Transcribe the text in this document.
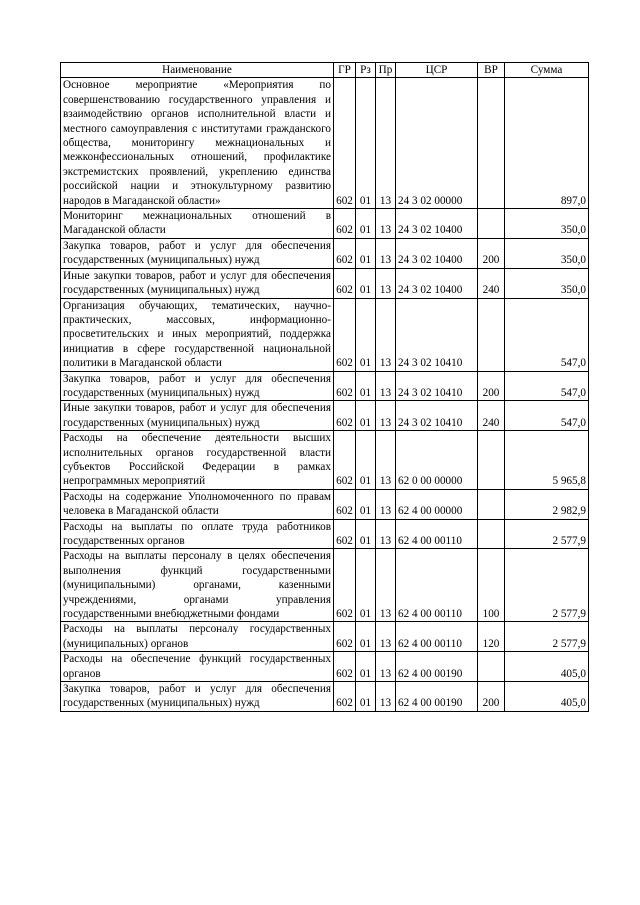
Наименование	ГР	Рз	Пр	ЦСР	ВР	Сумма
Основное мероприятие «Мероприятия по совершенствованию государственного управления и взаимодействию органов исполнительной власти и местного самоуправления с институтами гражданского общества, мониторингу межнациональных и межконфессиональных отношений, профилактике экстремистских проявлений, укреплению единства российской нации и этнокультурному развитию народов в Магаданской области»	602	01	13	24 3 02 00000		897,0
Мониторинг межнациональных отношений в Магаданской области	602	01	13	24 3 02 10400		350,0
Закупка товаров, работ и услуг для обеспечения государственных (муниципальных) нужд	602	01	13	24 3 02 10400	200	350,0
Иные закупки товаров, работ и услуг для обеспечения государственных (муниципальных) нужд	602	01	13	24 3 02 10400	240	350,0
Организация обучающих, тематических, научно-практических, массовых, информационно-просветительских и иных мероприятий, поддержка инициатив в сфере государственной национальной политики в Магаданской области	602	01	13	24 3 02 10410		547,0
Закупка товаров, работ и услуг для обеспечения государственных (муниципальных) нужд	602	01	13	24 3 02 10410	200	547,0
Иные закупки товаров, работ и услуг для обеспечения государственных (муниципальных) нужд	602	01	13	24 3 02 10410	240	547,0
Расходы на обеспечение деятельности высших исполнительных органов государственной власти субъектов Российской Федерации в рамках непрограммных мероприятий	602	01	13	62 0 00 00000		5 965,8
Расходы на содержание Уполномоченного по правам человека в Магаданской области	602	01	13	62 4 00 00000		2 982,9
Расходы на выплаты по оплате труда работников государственных органов	602	01	13	62 4 00 00110		2 577,9
Расходы на выплаты персоналу в целях обеспечения выполнения функций государственными (муниципальными) органами, казенными учреждениями, органами управления государственными внебюджетными фондами	602	01	13	62 4 00 00110	100	2 577,9
Расходы на выплаты персоналу государственных (муниципальных) органов	602	01	13	62 4 00 00110	120	2 577,9
Расходы на обеспечение функций государственных органов	602	01	13	62 4 00 00190		405,0
Закупка товаров, работ и услуг для обеспечения государственных (муниципальных) нужд	602	01	13	62 4 00 00190	200	405,0
